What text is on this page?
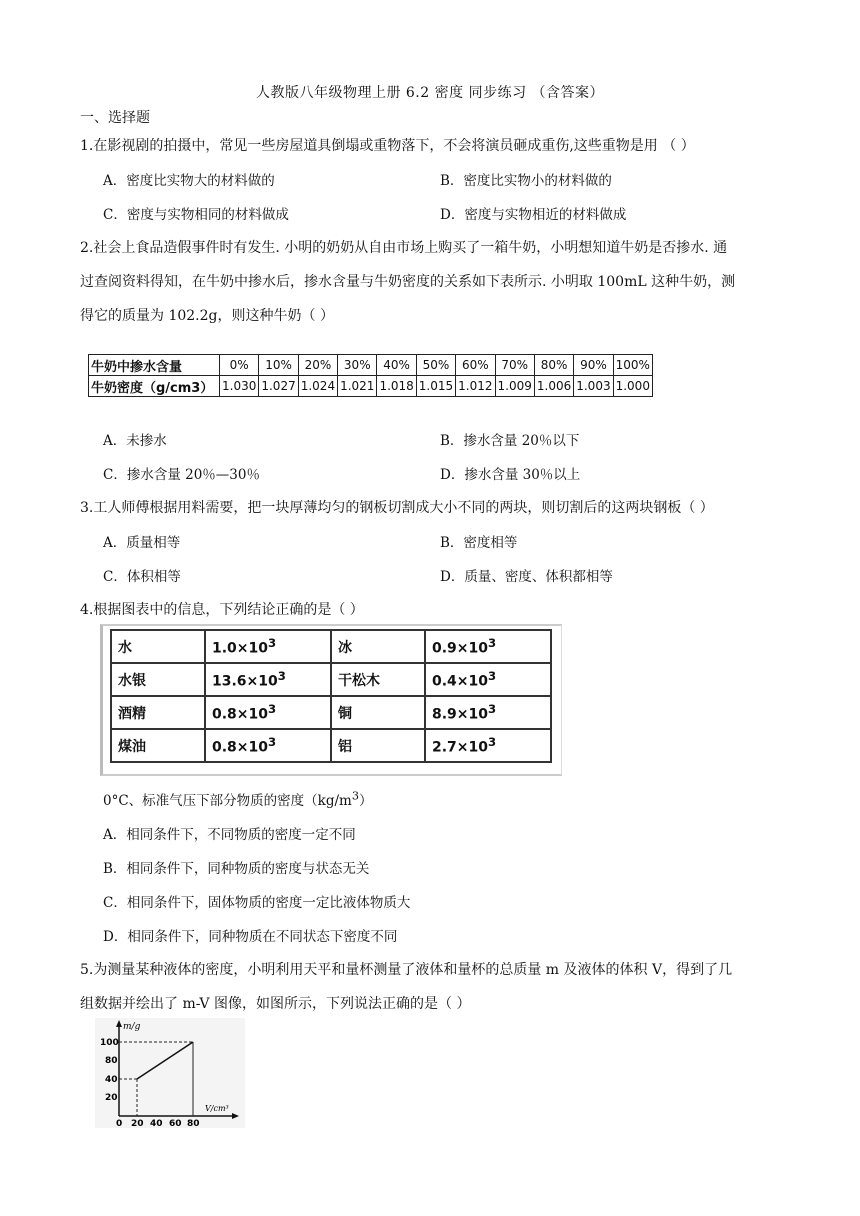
人教版八年级物理上册 6.2 密度 同步练习 （含答案）
一、选择题
1.在影视剧的拍摄中，常见一些房屋道具倒塌或重物落下，不会将演员砸成重伤,这些重物是用 （ ）
A．密度比实物大的材料做的	B．密度比实物小的材料做的
C．密度与实物相同的材料做成	D．密度与实物相近的材料做成
2.社会上食品造假事件时有发生. 小明的奶奶从自由市场上购买了一箱牛奶，小明想知道牛奶是否掺水. 通
过查阅资料得知，在牛奶中掺水后，掺水含量与牛奶密度的关系如下表所示. 小明取 100mL 这种牛奶，测
得它的质量为 102.2g，则这种牛奶（ ）
牛奶中掺水含量	0%	10%	20%	30%	40%	50%	60%	70%	80%	90%	100%
牛奶密度（g/cm3）	1.030	1.027	1.024	1.021	1.018	1.015	1.012	1.009	1.006	1.003	1.000
A．未掺水	B．掺水含量 20％以下
C．掺水含量 20％—30％	D．掺水含量 30％以上
3.工人师傅根据用料需要，把一块厚薄均匀的钢板切割成大小不同的两块，则切割后的这两块钢板（ ）
A．质量相等	B．密度相等
C．体积相等	D．质量、密度、体积都相等
4.根据图表中的信息，下列结论正确的是（ ）
水	$1.0\times 10^3$	冰	$0.9\times 10^3$
水银	$13.6\times 10^3$	干松木	$0.4\times 10^3$
酒精	$0.8\times 10^3$	铜	$8.9\times 10^3$
煤油	$0.8\times 10^3$	铝	$2.7\times 10^3$
0°C、标准气压下部分物质的密度$(kg/m^3)$
A．相同条件下，不同物质的密度一定不同
B．相同条件下，同种物质的密度与状态无关
C．相同条件下，固体物质的密度一定比液体物质大
D．相同条件下，同种物质在不同状态下密度不同
5.为测量某种液体的密度，小明利用天平和量杯测量了液体和量杯的总质量 m 及液体的体积 V，得到了几
组数据并绘出了 m-V 图像，如图所示，下列说法正确的是（ ）
m/g
V/cm³
100
80
40
20
0 20 40 60 80
